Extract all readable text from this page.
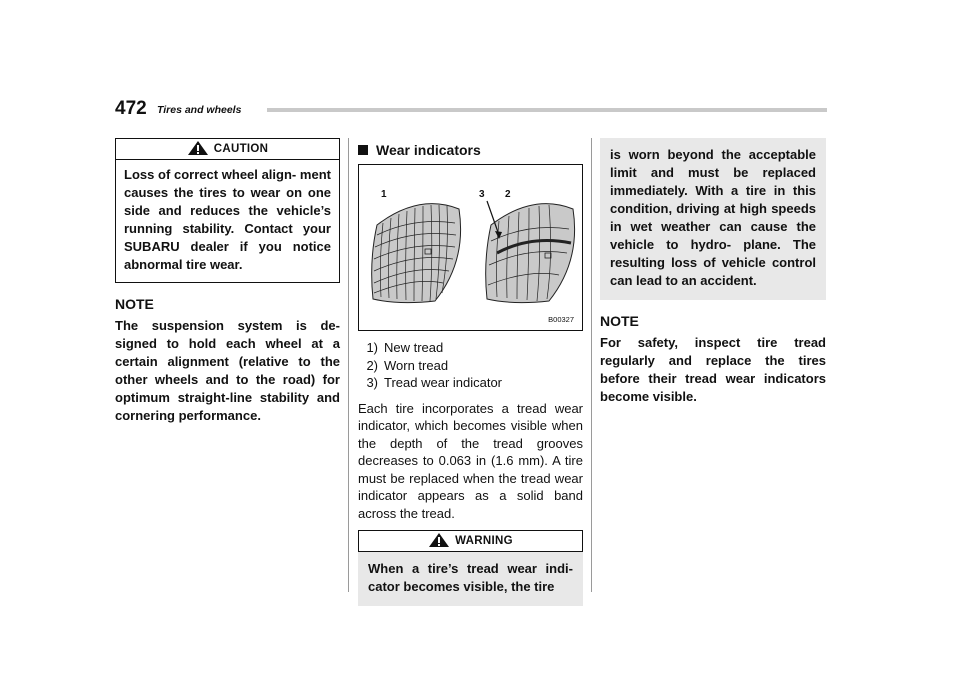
472 Tires and wheels
CAUTION

Loss of correct wheel align- ment causes the tires to wear on one side and reduces the vehicle’s running stability. Contact your SUBARU dealer if you notice abnormal tire wear.

NOTE

The suspension system is de- signed to hold each wheel at a certain alignment (relative to the other wheels and to the road) for optimum straight-line stability and cornering performance.

Wear indicators
1	3 2
B00327
1) New tread
2) Worn tread
3) Tread wear indicator

Each tire incorporates a tread wear indicator, which becomes visible when the depth of the tread grooves decreases to 0.063 in (1.6 mm). A tire must be replaced when the tread wear indicator appears as a solid band across the tread.

WARNING

When a tire’s tread wear indi- cator becomes visible, the tire

is worn beyond the acceptable limit and must be replaced immediately. With a tire in this condition, driving at high speeds in wet weather can cause the vehicle to hydro- plane. The resulting loss of vehicle control can lead to an accident.

NOTE

For safety, inspect tire tread regularly and replace the tires before their tread wear indicators become visible.
